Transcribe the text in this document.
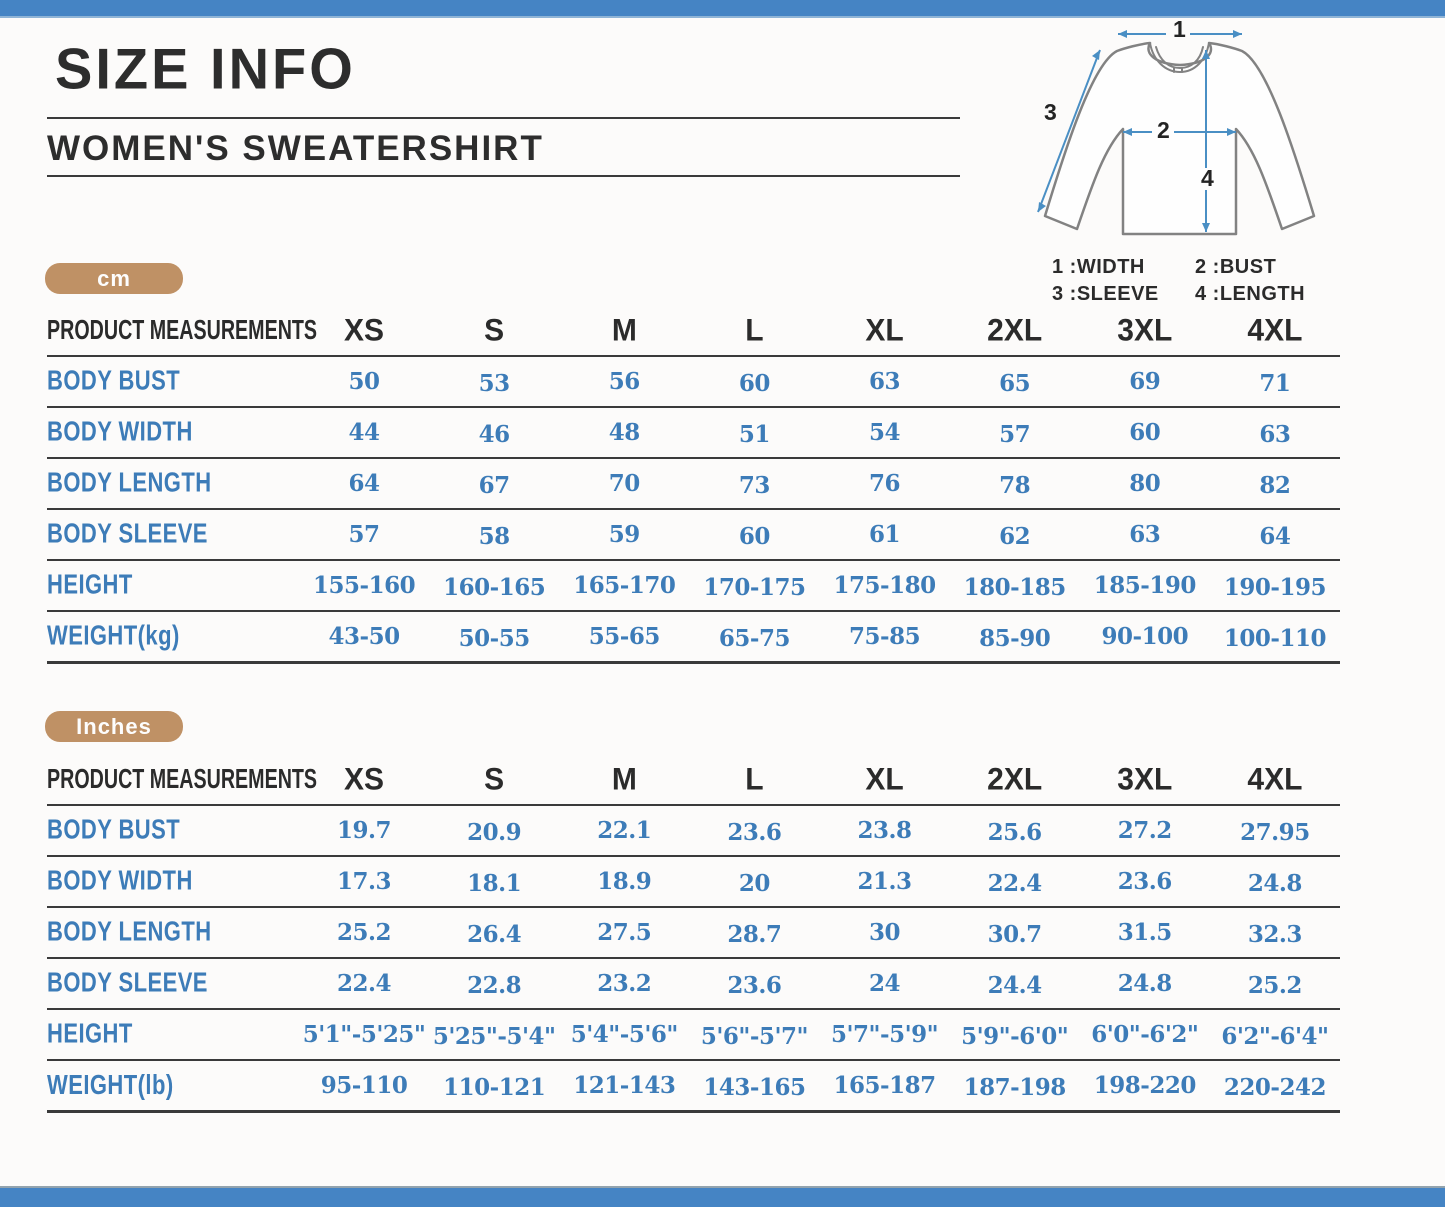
SIZE INFO
WOMEN'S SWEATERSHIRT
1
3
2
4
1 :WIDTH	2 :BUST
3 :SLEEVE	4 :LENGTH
cm
PRODUCT MEASUREMENTS	XS	S	M	L	XL	2XL	3XL	4XL
BODY BUST	50	53	56	60	63	65	69	71
BODY WIDTH	44	46	48	51	54	57	60	63
BODY LENGTH	64	67	70	73	76	78	80	82
BODY SLEEVE	57	58	59	60	61	62	63	64
HEIGHT	155-160	160-165	165-170	170-175	175-180	180-185	185-190	190-195
WEIGHT(kg)	43-50	50-55	55-65	65-75	75-85	85-90	90-100	100-110
Inches
PRODUCT MEASUREMENTS	XS	S	M	L	XL	2XL	3XL	4XL
BODY BUST	19.7	20.9	22.1	23.6	23.8	25.6	27.2	27.95
BODY WIDTH	17.3	18.1	18.9	20	21.3	22.4	23.6	24.8
BODY LENGTH	25.2	26.4	27.5	28.7	30	30.7	31.5	32.3
BODY SLEEVE	22.4	22.8	23.2	23.6	24	24.4	24.8	25.2
HEIGHT	5'1"-5'25"	5'25"-5'4"	5'4"-5'6"	5'6"-5'7"	5'7"-5'9"	5'9"-6'0"	6'0"-6'2"	6'2"-6'4"
WEIGHT(lb)	95-110	110-121	121-143	143-165	165-187	187-198	198-220	220-242
